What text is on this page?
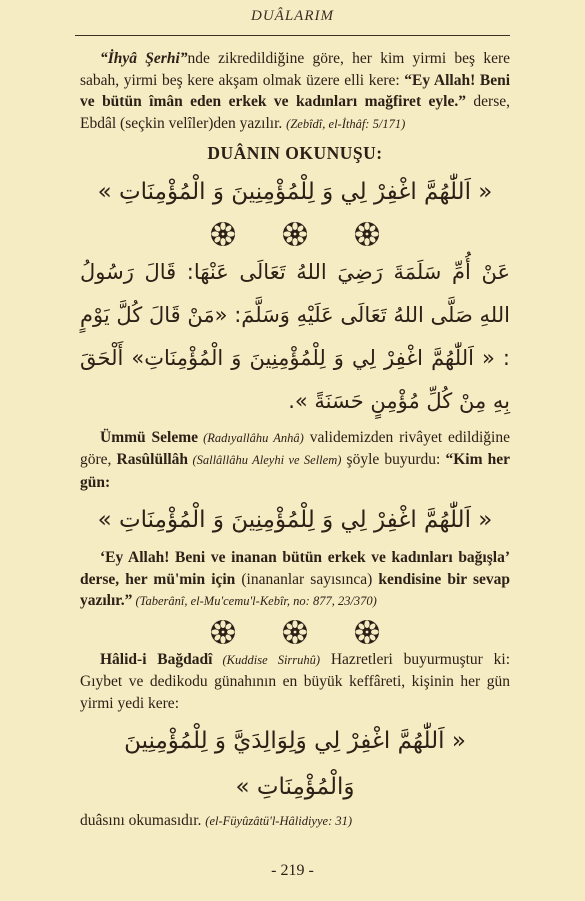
DUÂLARIM

“İhyâ Şerhi”nde zikredildiğine göre, her kim yirmi beş kere sabah, yirmi beş kere akşam olmak üzere elli kere: “Ey Allah! Beni ve bütün îmân eden erkek ve kadınları mağfiret eyle.” derse, Ebdâl (seçkin velîler)den yazılır. (Zebîdî, el-İthâf: 5/171)

DUÂNIN OKUNUŞU:
« اَللّٰهُمَّ اغْفِرْ لِي وَ لِلْمُؤْمِنِينَ وَ الْمُؤْمِنَاتِ »
عَنْ أُمِّ سَلَمَةَ رَضِيَ اللهُ تَعَالَى عَنْهَا: قَالَ رَسُولُ اللهِ صَلَّى اللهُ تَعَالَى عَلَيْهِ وَسَلَّمَ: «مَنْ قَالَ كُلَّ يَوْمٍ : « اَللّٰهُمَّ اغْفِرْ لِي وَ لِلْمُؤْمِنِينَ وَ الْمُؤْمِنَاتِ» أَلْحَقَ بِهِ مِنْ كُلِّ مُؤْمِنٍ حَسَنَةً ».

Ümmü Seleme (Radıyallâhu Anhâ) validemizden rivâyet edildiğine göre, Rasûlüllâh (Sallâllâhu Aleyhi ve Sellem) şöyle buyurdu: “Kim her gün:

« اَللّٰهُمَّ اغْفِرْ لِي وَ لِلْمُؤْمِنِينَ وَ الْمُؤْمِنَاتِ »

‘Ey Allah! Beni ve inanan bütün erkek ve kadınları bağışla’ derse, her mü'min için (inananlar sayısınca) kendisine bir sevap yazılır.” (Taberânî, el-Mu'cemu'l-Kebîr, no: 877, 23/370)

Hâlid-i Bağdadî (Kuddise Sirruhû) Hazretleri buyurmuştur ki: Gıybet ve dedikodu günahının en büyük keffâreti, kişinin her gün yirmi yedi kere:

« اَللّٰهُمَّ اغْفِرْ لِي وَلِوَالِدَيَّ وَ لِلْمُؤْمِنِينَ وَالْمُؤْمِنَاتِ »

duâsını okumasıdır. (el-Füyûzâtü'l-Hâlidiyye: 31)

- 219 -
